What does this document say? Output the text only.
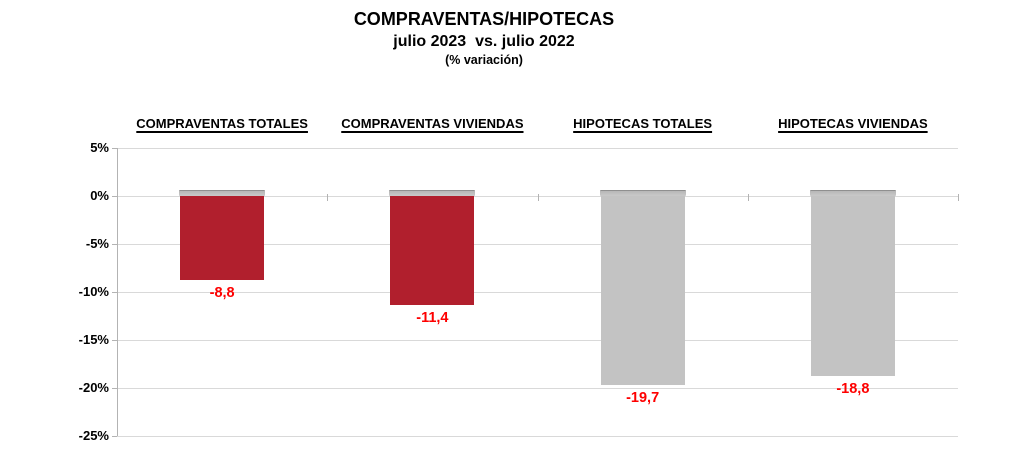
COMPRAVENTAS/HIPOTECAS
julio 2023  vs. julio 2022
(% variación)
5%
0%
-5%
-10%
-15%
-20%
-25%
COMPRAVENTAS TOTALES
-8,8
COMPRAVENTAS VIVIENDAS
-11,4
HIPOTECAS TOTALES
-19,7
HIPOTECAS VIVIENDAS
-18,8
